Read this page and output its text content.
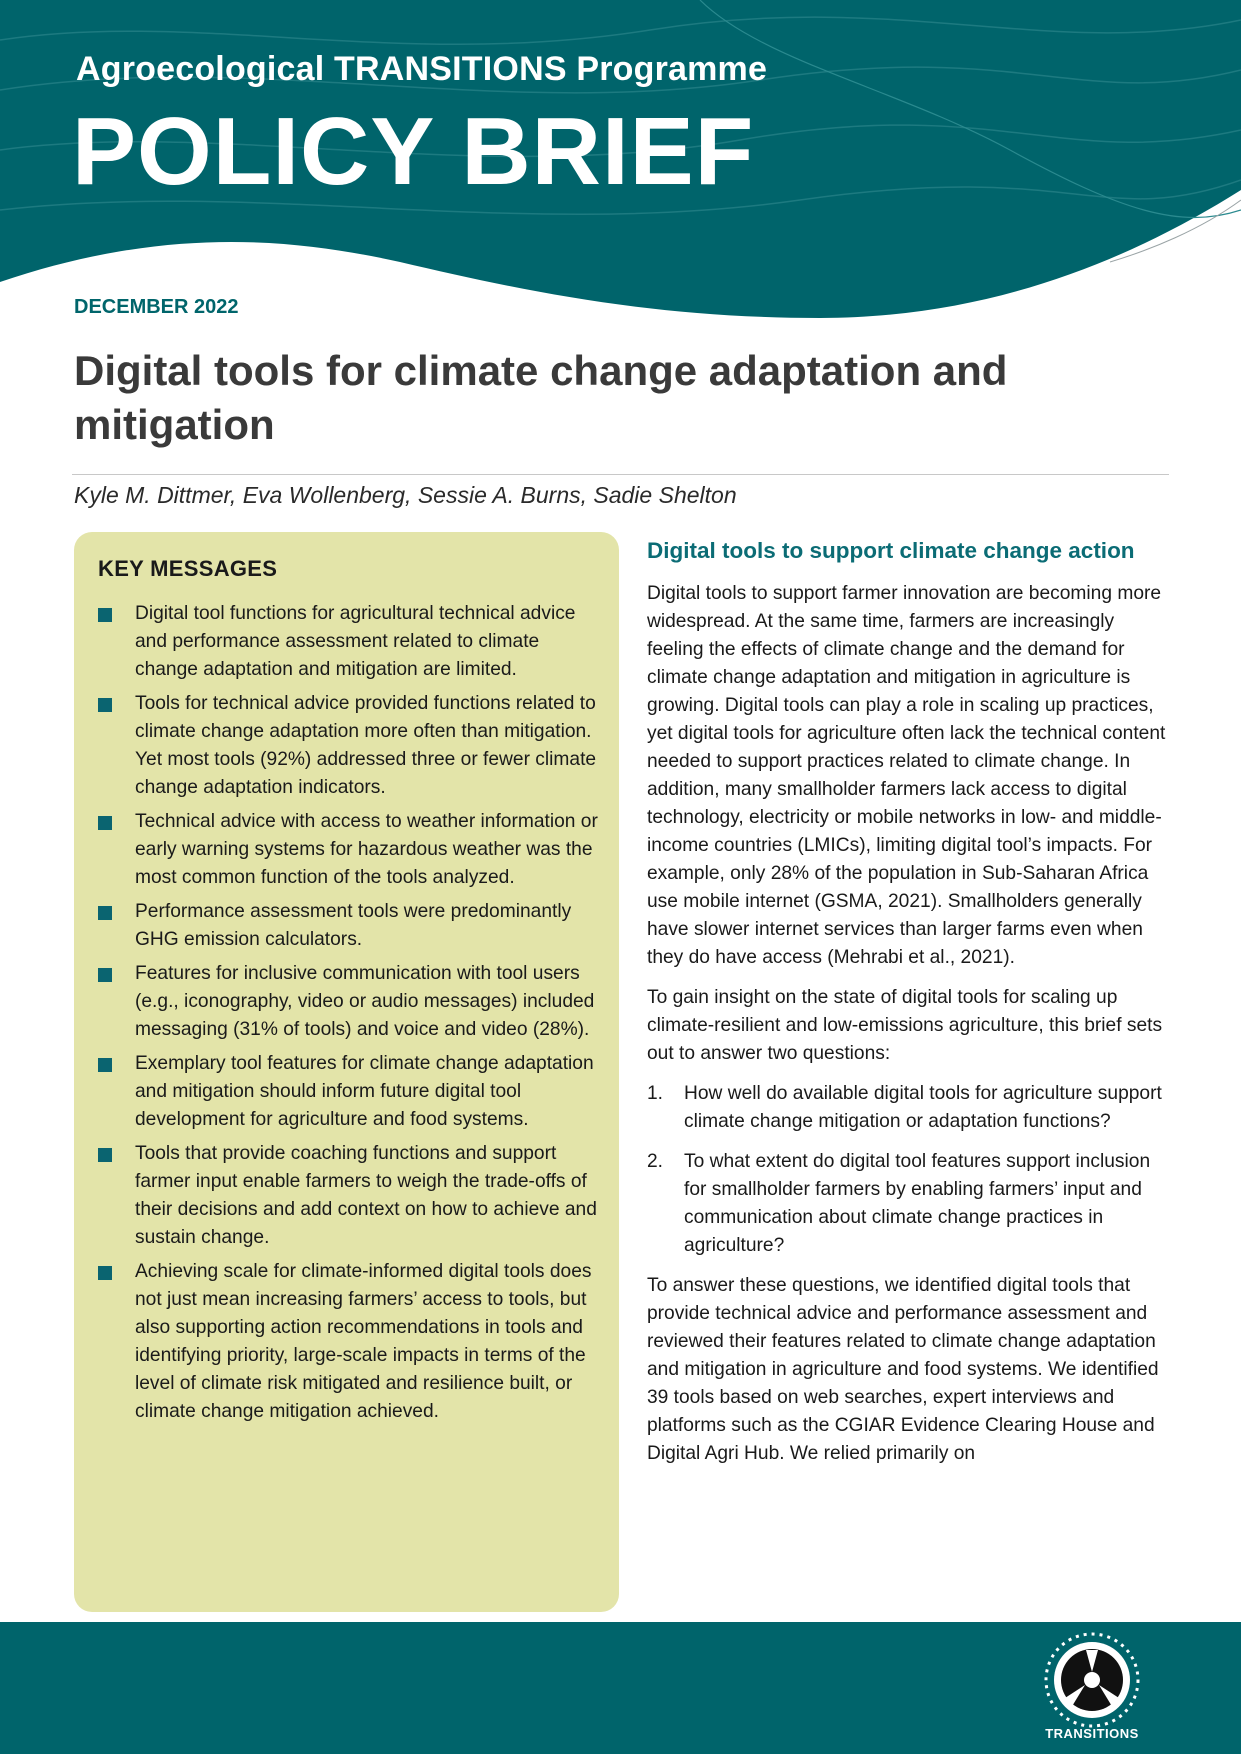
Agroecological TRANSITIONS Programme

POLICY BRIEF

DECEMBER 2022

Digital tools for climate change adaptation and mitigation

Kyle M. Dittmer, Eva Wollenberg, Sessie A. Burns, Sadie Shelton

KEY MESSAGES
Digital tool functions for agricultural technical advice and performance assessment related to climate change adaptation and mitigation are limited.
Tools for technical advice provided functions related to climate change adaptation more often than mitigation. Yet most tools (92%) addressed three or fewer climate change adaptation indicators.
Technical advice with access to weather information or early warning systems for hazardous weather was the most common function of the tools analyzed.
Performance assessment tools were predominantly GHG emission calculators.
Features for inclusive communication with tool users (e.g., iconography, video or audio messages) included messaging (31% of tools) and voice and video (28%).
Exemplary tool features for climate change adaptation and mitigation should inform future digital tool development for agriculture and food systems.
Tools that provide coaching functions and support farmer input enable farmers to weigh the trade-offs of their decisions and add context on how to achieve and sustain change.
Achieving scale for climate-informed digital tools does not just mean increasing farmers’ access to tools, but also supporting action recommendations in tools and identifying priority, large-scale impacts in terms of the level of climate risk mitigated and resilience built, or climate change mitigation achieved.
Digital tools to support climate change action

Digital tools to support farmer innovation are becoming more widespread. At the same time, farmers are increasingly feeling the effects of climate change and the demand for climate change adaptation and mitigation in agriculture is growing. Digital tools can play a role in scaling up practices, yet digital tools for agriculture often lack the technical content needed to support practices related to climate change. In addition, many smallholder farmers lack access to digital technology, electricity or mobile networks in low- and middle-income countries (LMICs), limiting digital tool’s impacts. For example, only 28% of the population in Sub-Saharan Africa use mobile internet (GSMA, 2021). Smallholders generally have slower internet services than larger farms even when they do have access (Mehrabi et al., 2021).

To gain insight on the state of digital tools for scaling up climate-resilient and low-emissions agriculture, this brief sets out to answer two questions:

1. How well do available digital tools for agriculture support climate change mitigation or adaptation functions?
2. To what extent do digital tool features support inclusion for smallholder farmers by enabling farmers’ input and communication about climate change practices in agriculture?

To answer these questions, we identified digital tools that provide technical advice and performance assessment and reviewed their features related to climate change adaptation and mitigation in agriculture and food systems. We identified 39 tools based on web searches, expert interviews and platforms such as the CGIAR Evidence Clearing House and Digital Agri Hub. We relied primarily on

TRANSITIONS
